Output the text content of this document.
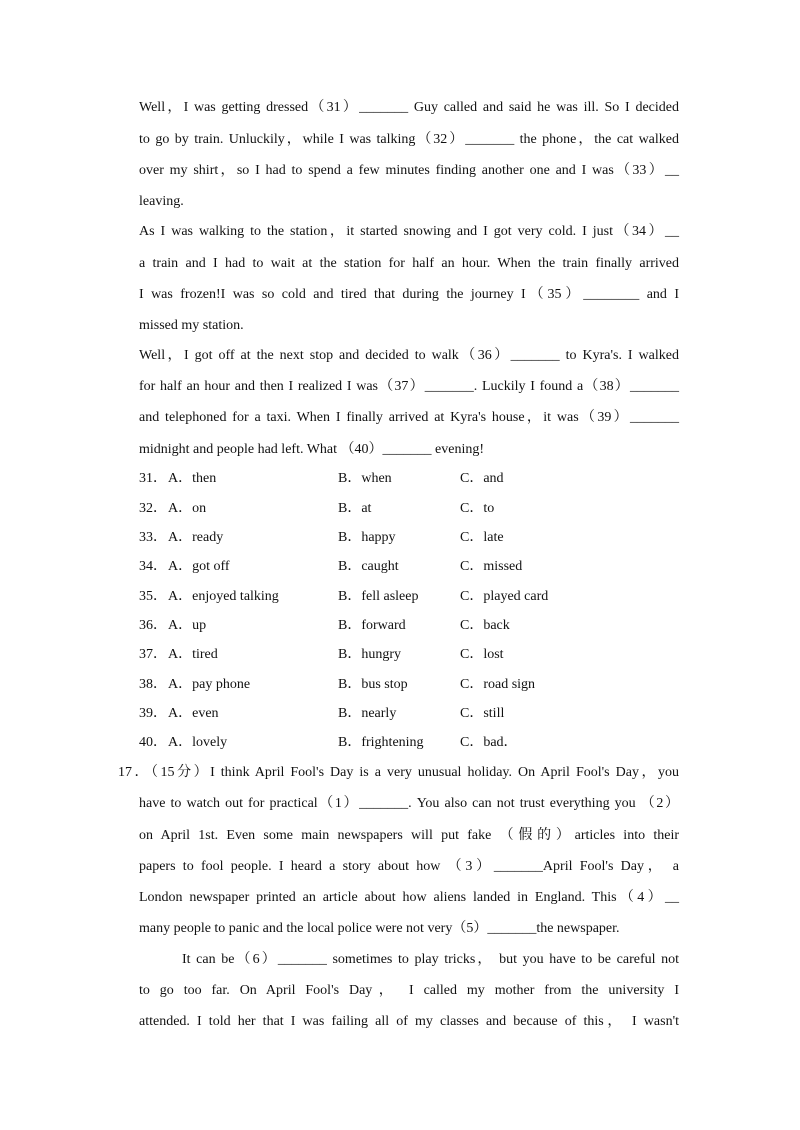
Well，I was getting dressed（31）_______ Guy called and said he was ill. So I decided
to go by train. Unluckily，while I was talking（32）_______ the phone，the cat walked
over my shirt，so I had to spend a few minutes finding another one and I was（33）__
leaving.
As I was walking to the station，it started snowing and I got very cold. I just（34）__
a train and I had to wait at the station for half an hour. When the train finally arrived
I was frozen!I was so cold and tired that during the journey I（35）________ and I
missed my station.
Well，I got off at the next stop and decided to walk（36）_______ to Kyra's. I walked
for half an hour and then I realized I was（37）_______. Luckily I found a（38）_______
and telephoned for a taxi. When I finally arrived at Kyra's house，it was（39）_______
midnight and people had left. What （40）_______ evening!
31． A．then	B．when	C．and
32． A．on	B．at	C．to
33． A．ready	B．happy	C．late
34． A．got off	B．caught	C．missed
35． A．enjoyed talking	B．fell asleep	C．played card
36． A．up	B．forward	C．back
37． A．tired	B．hungry	C．lost
38． A．pay phone	B．bus stop	C．road sign
39． A．even	B．nearly	C．still
40． A．lovely	B．frightening	C．bad．
17．（15分）I think April Fool's Day is a very unusual holiday. On April Fool's Day，you
have to watch out for practical（1）_______. You also can not trust everything you （2）
on April 1st. Even some main newspapers will put fake （假的）articles into their
papers to fool people. I heard a story about how （3）_______April Fool's Day， a
London newspaper printed an article about how aliens landed in England. This（4）__
many people to panic and the local police were not very（5）_______the newspaper.
It can be（6）_______ sometimes to play tricks， but you have to be careful not
to go too far. On April Fool's Day， I called my mother from the university I
attended. I told her that I was failing all of my classes and because of this， I wasn't
